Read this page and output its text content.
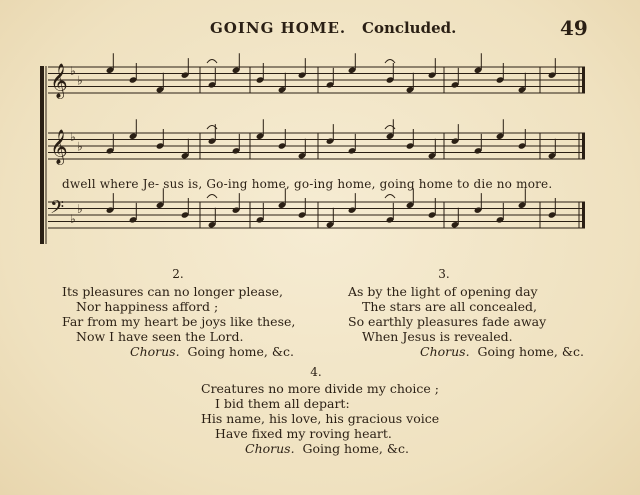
GOING HOME. Concluded.	49
𝄞 ♭
♭
𝄞 ♭
♭
𝄢 ♭
♭
dwell where Je- sus is, Go-ing home, go-ing home, going home to die no more.
2.
Its pleasures can no longer please,
Nor happiness afford ;
Far from my heart be joys like these,
Now I have seen the Lord.
Chorus. Going home, &c.
3.
As by the light of opening day
The stars are all concealed,
So earthly pleasures fade away
When Jesus is revealed.
Chorus. Going home, &c.
4.
Creatures no more divide my choice ;
I bid them all depart:
His name, his love, his gracious voice
Have fixed my roving heart.
Chorus. Going home, &c.
